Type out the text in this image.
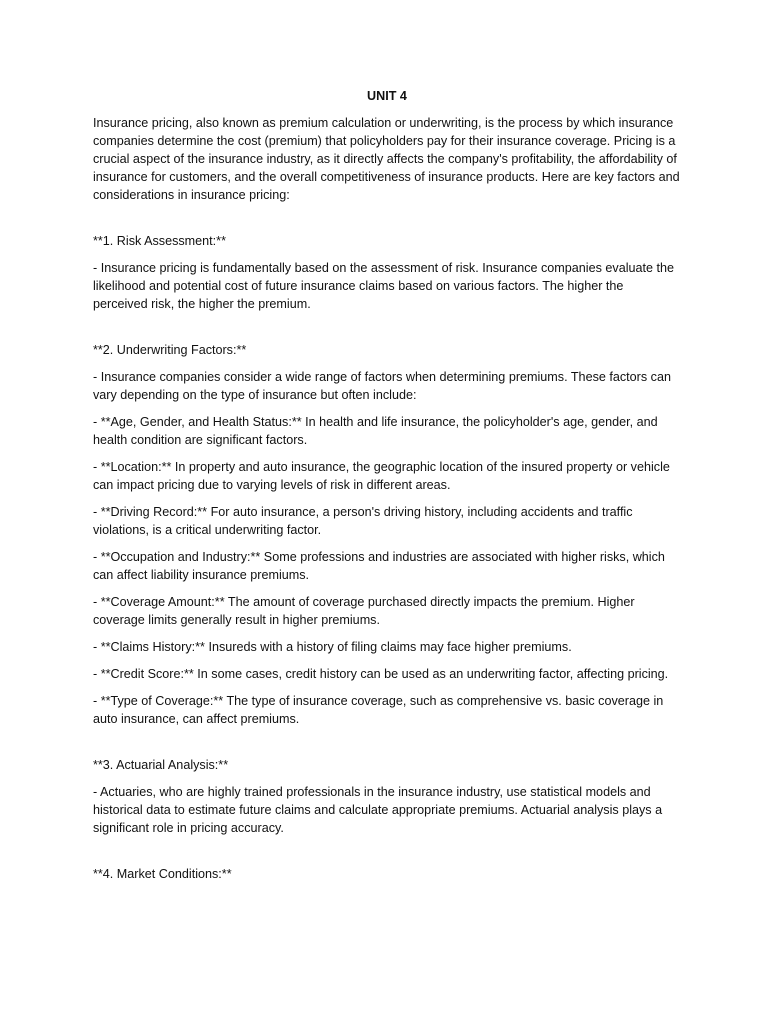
UNIT 4

Insurance pricing, also known as premium calculation or underwriting, is the process by which insurance companies determine the cost (premium) that policyholders pay for their insurance coverage. Pricing is a crucial aspect of the insurance industry, as it directly affects the company's profitability, the affordability of insurance for customers, and the overall competitiveness of insurance products. Here are key factors and considerations in insurance pricing:

**1. Risk Assessment:**

- Insurance pricing is fundamentally based on the assessment of risk. Insurance companies evaluate the likelihood and potential cost of future insurance claims based on various factors. The higher the perceived risk, the higher the premium.

**2. Underwriting Factors:**

- Insurance companies consider a wide range of factors when determining premiums. These factors can vary depending on the type of insurance but often include:

- **Age, Gender, and Health Status:** In health and life insurance, the policyholder's age, gender, and health condition are significant factors.

- **Location:** In property and auto insurance, the geographic location of the insured property or vehicle can impact pricing due to varying levels of risk in different areas.

- **Driving Record:** For auto insurance, a person's driving history, including accidents and traffic violations, is a critical underwriting factor.

- **Occupation and Industry:** Some professions and industries are associated with higher risks, which can affect liability insurance premiums.

- **Coverage Amount:** The amount of coverage purchased directly impacts the premium. Higher coverage limits generally result in higher premiums.

- **Claims History:** Insureds with a history of filing claims may face higher premiums.

- **Credit Score:** In some cases, credit history can be used as an underwriting factor, affecting pricing.

- **Type of Coverage:** The type of insurance coverage, such as comprehensive vs. basic coverage in auto insurance, can affect premiums.

**3. Actuarial Analysis:**

- Actuaries, who are highly trained professionals in the insurance industry, use statistical models and historical data to estimate future claims and calculate appropriate premiums. Actuarial analysis plays a significant role in pricing accuracy.

**4. Market Conditions:**
